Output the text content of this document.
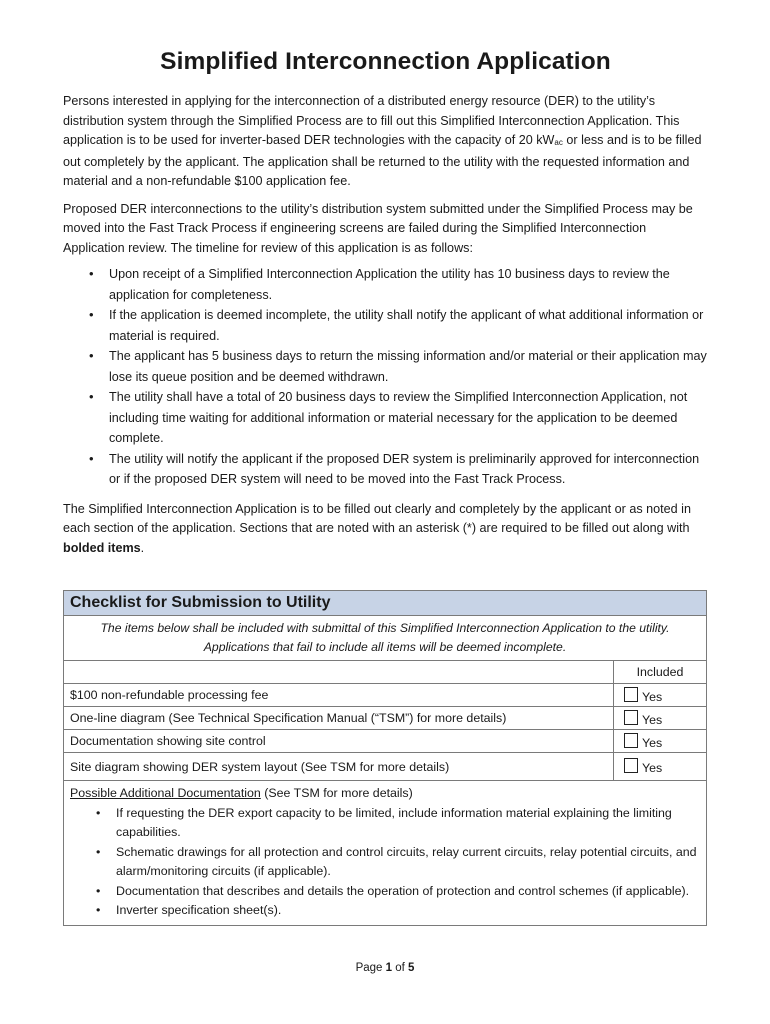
Simplified Interconnection Application

Persons interested in applying for the interconnection of a distributed energy resource (DER) to the utility’s distribution system through the Simplified Process are to fill out this Simplified Interconnection Application. This application is to be used for inverter-based DER technologies with the capacity of 20 $kW_{ac}$ or less and is to be filled out completely by the applicant. The application shall be returned to the utility with the requested information and material and a non-refundable $100 application fee.

Proposed DER interconnections to the utility’s distribution system submitted under the Simplified Process may be moved into the Fast Track Process if engineering screens are failed during the Simplified Interconnection Application review. The timeline for review of this application is as follows:

• Upon receipt of a Simplified Interconnection Application the utility has 10 business days to review the application for completeness.
• If the application is deemed incomplete, the utility shall notify the applicant of what additional information or material is required.
• The applicant has 5 business days to return the missing information and/or material or their application may lose its queue position and be deemed withdrawn.
• The utility shall have a total of 20 business days to review the Simplified Interconnection Application, not including time waiting for additional information or material necessary for the application to be deemed complete.
• The utility will notify the applicant if the proposed DER system is preliminarily approved for interconnection or if the proposed DER system will need to be moved into the Fast Track Process.

The Simplified Interconnection Application is to be filled out clearly and completely by the applicant or as noted in each section of the application. Sections that are noted with an asterisk (*) are required to be filled out along with bolded items.

Checklist for Submission to Utility
The items below shall be included with submittal of this Simplified Interconnection Application to the utility. Applications that fail to include all items will be deemed incomplete.
	Included
$100 non-refundable processing fee	Yes
One-line diagram (See Technical Specification Manual (“TSM”) for more details)	Yes
Documentation showing site control	Yes
Site diagram showing DER system layout (See TSM for more details)	Yes
Possible Additional Documentation (See TSM for more details)
• If requesting the DER export capacity to be limited, include information material explaining the limiting capabilities.
• Schematic drawings for all protection and control circuits, relay current circuits, relay potential circuits, and alarm/monitoring circuits (if applicable).
• Documentation that describes and details the operation of protection and control schemes (if applicable).
• Inverter specification sheet(s).
Page 1 of 5
